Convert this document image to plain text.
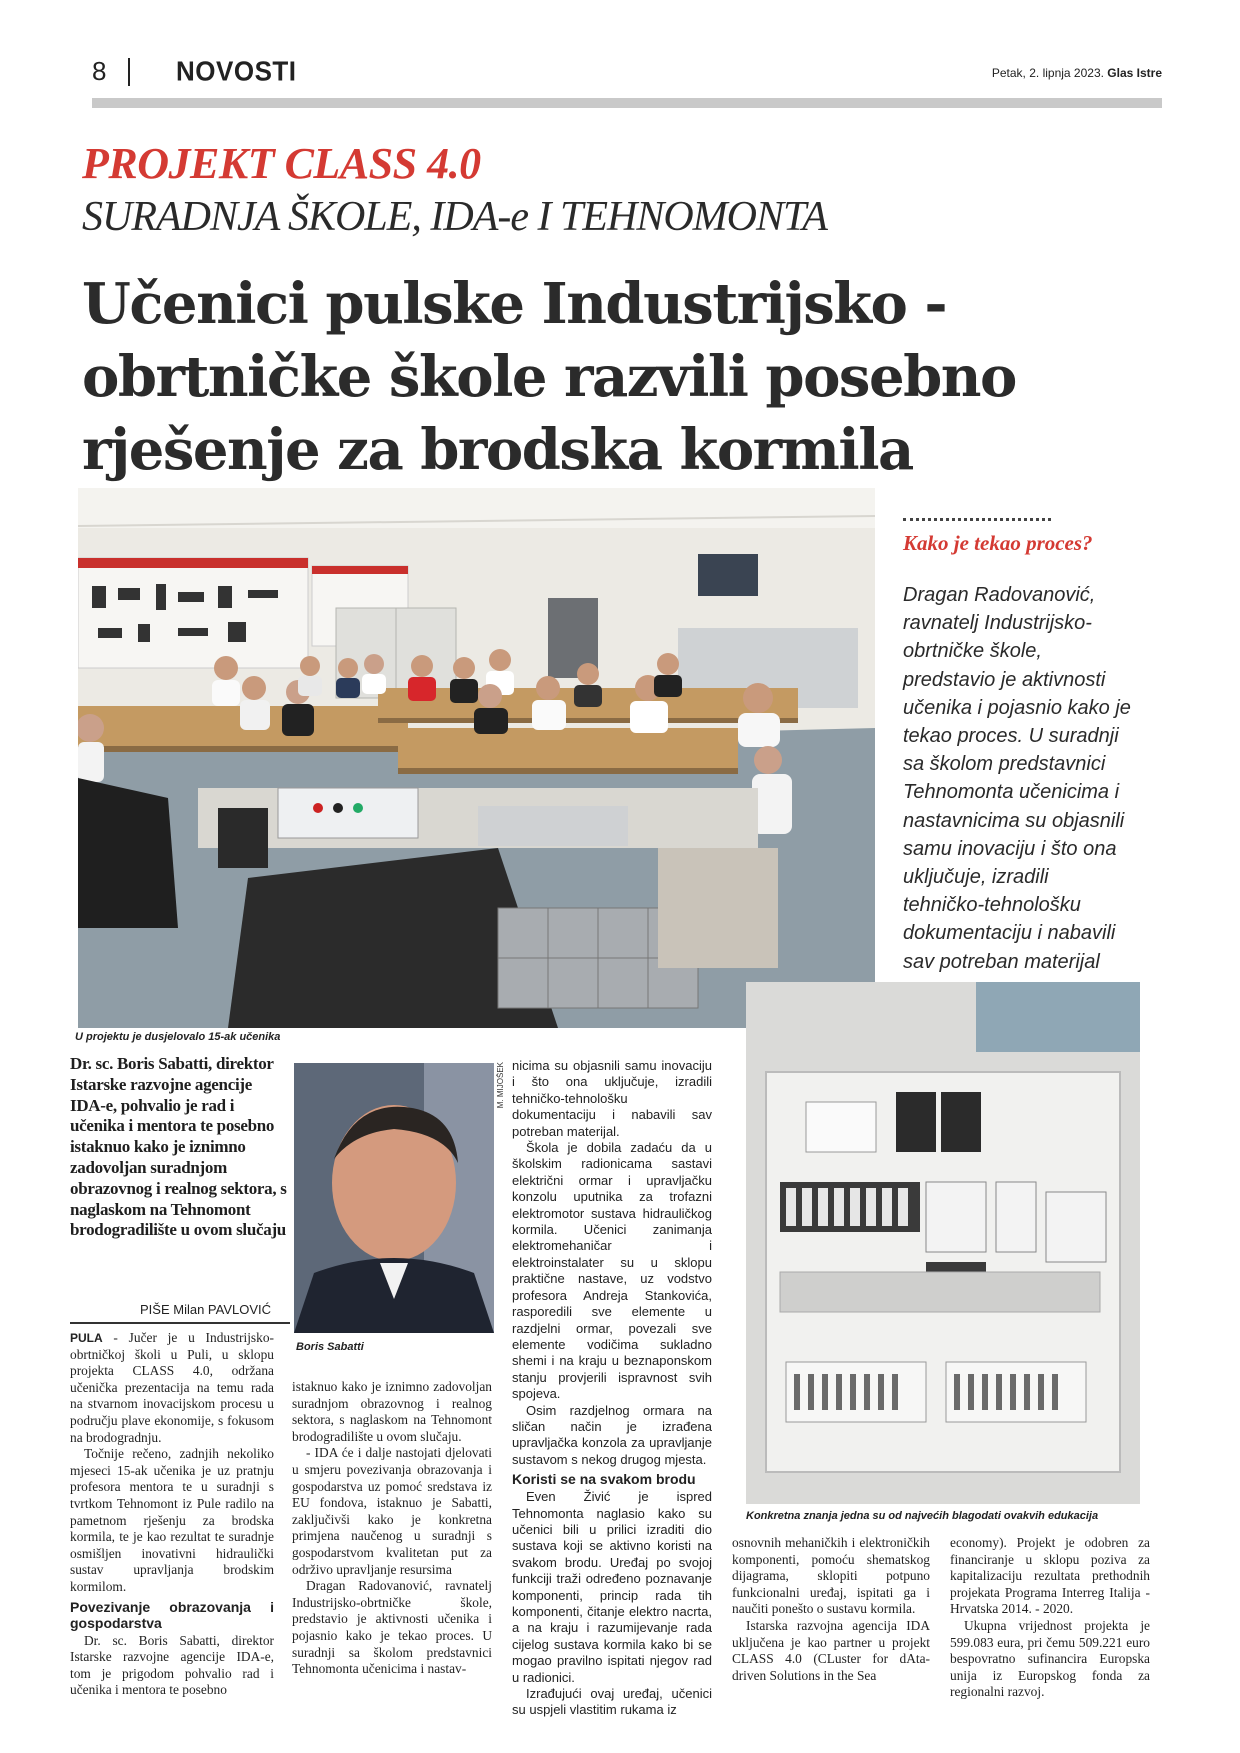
8	NOVOSTI	Petak, 2. lipnja 2023. Glas Istre
PROJEKT CLASS 4.0
SURADNJA ŠKOLE, IDA-e I TEHNOMONTA
Učenici pulske Industrijsko -
obrtničke škole razvili posebno
rješenje za brodska kormila
U projektu je dusjelovalo 15-ak učenika
Kako je tekao proces?
Dragan Radovanović, ravnatelj Industrijsko-obrtničke škole, predstavio je aktivnosti učenika i pojasnio kako je tekao proces. U suradnji sa školom predstavnici Tehnomonta učenicima i nastavnicima su objasnili samu inovaciju i što ona uključuje, izradili tehničko-tehnološku dokumentaciju i nabavili sav potreban materijal
Konkretna znanja jedna su od najvećih blagodati ovakvih edukacija
M. MIJOŠEK
Boris Sabatti
Dr. sc. Boris Sabatti, direktor Istarske razvojne agencije IDA-e, pohvalio je rad i učenika i mentora te posebno istaknuo kako je iznimno zadovoljan suradnjom obrazovnog i realnog sektora, s naglaskom na Tehnomont brodogradilište u ovom slučaju
PIŠE Milan PAVLOVIĆ

PULA - Jučer je u Industrijsko-obrtničkoj školi u Puli, u sklopu projekta CLASS 4.0, održana učenička prezentacija na temu rada na stvarnom inovacijskom procesu u području plave ekonomije, s fokusom na brodogradnju.

Točnije rečeno, zadnjih nekoliko mjeseci 15-ak učenika je uz pratnju profesora mentora te u suradnji s tvrtkom Tehnomont iz Pule radilo na pametnom rješenju za brodska kormila, te je kao rezultat te suradnje osmišljen inovativni hidraulički sustav upravljanja brodskim kormilom.

Povezivanje obrazovanja i gospodarstva

Dr. sc. Boris Sabatti, direktor Istarske razvojne agencije IDA-e, tom je prigodom pohvalio rad i učenika i mentora te posebno

istaknuo kako je iznimno zadovoljan suradnjom obrazovnog i realnog sektora, s naglaskom na Tehnomont brodogradilište u ovom slučaju.

- IDA će i dalje nastojati djelovati u smjeru povezivanja obrazovanja i gospodarstva uz pomoć sredstava iz EU fondova, istaknuo je Sabatti, zaključivši kako je konkretna primjena naučenog u suradnji s gospodarstvom kvalitetan put za održivo upravljanje resursima

Dragan Radovanović, ravnatelj Industrijsko-obrtničke škole, predstavio je aktivnosti učenika i pojasnio kako je tekao proces. U suradnji sa školom predstavnici Tehnomonta učenicima i nastav-

nicima su objasnili samu inovaciju i što ona uključuje, izradili tehničko-tehnološku dokumentaciju i nabavili sav potreban materijal.

Škola je dobila zadaću da u školskim radionicama sastavi električni ormar i upravljačku konzolu uputnika za trofazni elektromotor sustava hidrauličkog kormila. Učenici zanimanja elektromehaničar i elektroinstalater su u sklopu praktične nastave, uz vodstvo profesora Andreja Stankovića, rasporedili sve elemente u razdjelni ormar, povezali sve elemente vodičima sukladno shemi i na kraju u beznaponskom stanju provjerili ispravnost svih spojeva.

Osim razdjelnog ormara na sličan način je izrađena upravljačka konzola za upravljanje sustavom s nekog drugog mjesta.

Koristi se na svakom brodu

Even Živić je ispred Tehnomonta naglasio kako su učenici bili u prilici izraditi dio sustava koji se aktivno koristi na svakom brodu. Uređaj po svojoj funkciji traži određeno poznavanje komponenti, princip rada tih komponenti, čitanje elektro nacrta, a na kraju i razumijevanje rada cijelog sustava kormila kako bi se mogao pravilno ispitati njegov rad u radionici.

Izrađujući ovaj uređaj, učenici su uspjeli vlastitim rukama iz

osnovnih mehaničkih i elektroničkih komponenti, pomoću shematskog dijagrama, sklopiti potpuno funkcionalni uređaj, ispitati ga i naučiti ponešto o sustavu kormila.

Istarska razvojna agencija IDA uključena je kao partner u projekt CLASS 4.0 (CLuster for dAta-driven Solutions in the Sea

economy). Projekt je odobren za financiranje u sklopu poziva za kapitalizaciju rezultata prethodnih projekata Programa Interreg Italija - Hrvatska 2014. - 2020.

Ukupna vrijednost projekta je 599.083 eura, pri čemu 509.221 euro bespovratno sufinancira Europska unija iz Europskog fonda za regionalni razvoj.
